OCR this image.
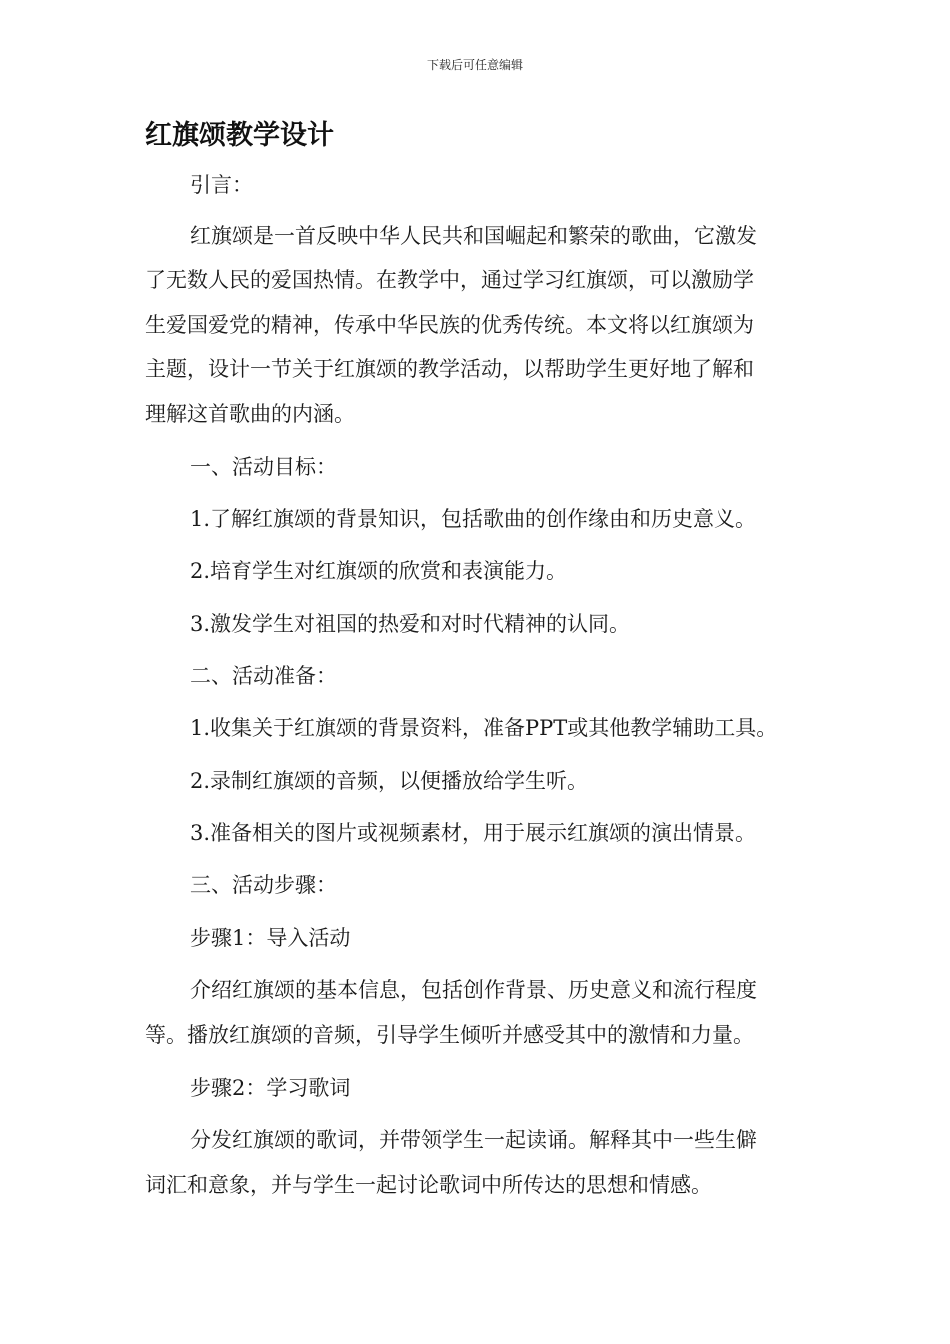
下载后可任意编辑
红旗颂教学设计
引言：
红旗颂是一首反映中华人民共和国崛起和繁荣的歌曲，它激发
了无数人民的爱国热情。在教学中，通过学习红旗颂，可以激励学
生爱国爱党的精神，传承中华民族的优秀传统。本文将以红旗颂为
主题，设计一节关于红旗颂的教学活动，以帮助学生更好地了解和
理解这首歌曲的内涵。
一、活动目标：
1.了解红旗颂的背景知识，包括歌曲的创作缘由和历史意义。
2.培育学生对红旗颂的欣赏和表演能力。
3.激发学生对祖国的热爱和对时代精神的认同。
二、活动准备：
1.收集关于红旗颂的背景资料，准备PPT或其他教学辅助工具。
2.录制红旗颂的音频，以便播放给学生听。
3.准备相关的图片或视频素材，用于展示红旗颂的演出情景。
三、活动步骤：
步骤1：导入活动
介绍红旗颂的基本信息，包括创作背景、历史意义和流行程度
等。播放红旗颂的音频，引导学生倾听并感受其中的激情和力量。
步骤2：学习歌词
分发红旗颂的歌词，并带领学生一起读诵。解释其中一些生僻
词汇和意象，并与学生一起讨论歌词中所传达的思想和情感。
